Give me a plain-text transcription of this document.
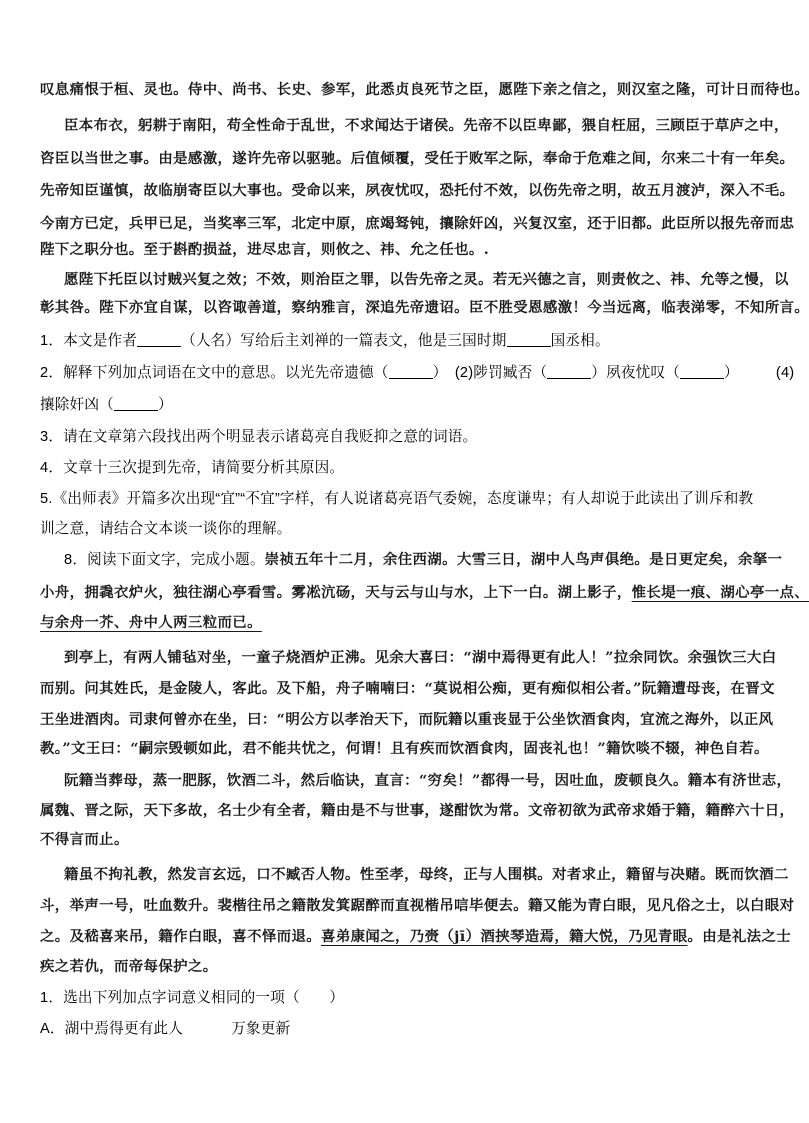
叹息痛恨于桓、灵也。侍中、尚书、长史、参军，此悉贞良死节之臣，愿陛下亲之信之，则汉室之隆，可计日而待也。
臣本布衣，躬耕于南阳，苟全性命于乱世，不求闻达于诸侯。先帝不以臣卑鄙，猥自枉屈，三顾臣于草庐之中，
咨臣以当世之事。由是感激，遂许先帝以驱驰。后值倾覆，受任于败军之际，奉命于危难之间，尔来二十有一年矣。
先帝知臣谨慎，故临崩寄臣以大事也。受命以来，夙夜忧叹，恐托付不效，以伤先帝之明，故五月渡泸，深入不毛。
今南方已定，兵甲已足，当奖率三军，北定中原，庶竭驽钝，攘除奸凶，兴复汉室，还于旧都。此臣所以报先帝而忠
陛下之职分也。至于斟酌损益，进尽忠言，则攸之、祎、允之任也。.
愿陛下托臣以讨贼兴复之效；不效，则治臣之罪，以告先帝之灵。若无兴德之言，则责攸之、祎、允等之慢，以
彰其咎。陛下亦宜自谋，以咨诹善道，察纳雅言，深追先帝遗诏。臣不胜受恩感激！今当远离，临表涕零，不知所言。
1．本文是作者	（人名）写给后主刘禅的一篇表文，他是三国时期	国丞相。
2．解释下列加点词语在文中的意思。以光先帝遗德（	）　(2)陟罚臧否（	）夙夜忧叹（	）　　　(4)
攘除奸凶（	）
3．请在文章第六段找出两个明显表示诸葛亮自我贬抑之意的词语。
4．文章十三次提到先帝，请简要分析其原因。
5.《出师表》开篇多次出现“宜”“不宜”字样，有人说诸葛亮语气委婉，态度谦卑；有人却说于此读出了训斥和教
训之意，请结合文本谈一谈你的理解。
8．阅读下面文字，完成小题。崇祯五年十二月，余住西湖。大雪三日，湖中人鸟声俱绝。是日更定矣，余拏一
小舟，拥毳衣炉火，独往湖心亭看雪。雾凇沆砀，天与云与山与水，上下一白。湖上影子，惟长堤一痕、湖心亭一点、
与余舟一芥、舟中人两三粒而已。
到亭上，有两人铺毡对坐，一童子烧酒炉正沸。见余大喜曰：“湖中焉得更有此人！”拉余同饮。余强饮三大白
而别。问其姓氏，是金陵人，客此。及下船，舟子喃喃曰：“莫说相公痴，更有痴似相公者。”阮籍遭母丧，在晋文
王坐进酒肉。司隶何曾亦在坐，曰：“明公方以孝治天下，而阮籍以重丧显于公坐饮酒食肉，宜流之海外，以正风
教。”文王曰：“嗣宗毁顿如此，君不能共忧之，何谓！且有疾而饮酒食肉，固丧礼也！”籍饮啖不辍，神色自若。
阮籍当葬母，蒸一肥豚，饮酒二斗，然后临诀，直言：“穷矣！”都得一号，因吐血，废顿良久。籍本有济世志，
属魏、晋之际，天下多故，名士少有全者，籍由是不与世事，遂酣饮为常。文帝初欲为武帝求婚于籍，籍醉六十日，
不得言而止。
籍虽不拘礼教，然发言玄远，口不臧否人物。性至孝，母终，正与人围棋。对者求止，籍留与决赌。既而饮酒二
斗，举声一号，吐血数升。裴楷往吊之籍散发箕踞醉而直视楷吊唁毕便去。籍又能为青白眼，见凡俗之士，以白眼对
之。及嵇喜来吊，籍作白眼，喜不怿而退。喜弟康闻之，乃赍（jī）酒挟琴造焉，籍大悦，乃见青眼。由是礼法之士
疾之若仇，而帝每保护之。
1．选出下列加点字词意义相同的一项（　　）
A．湖中焉得更有此人	万象更新
